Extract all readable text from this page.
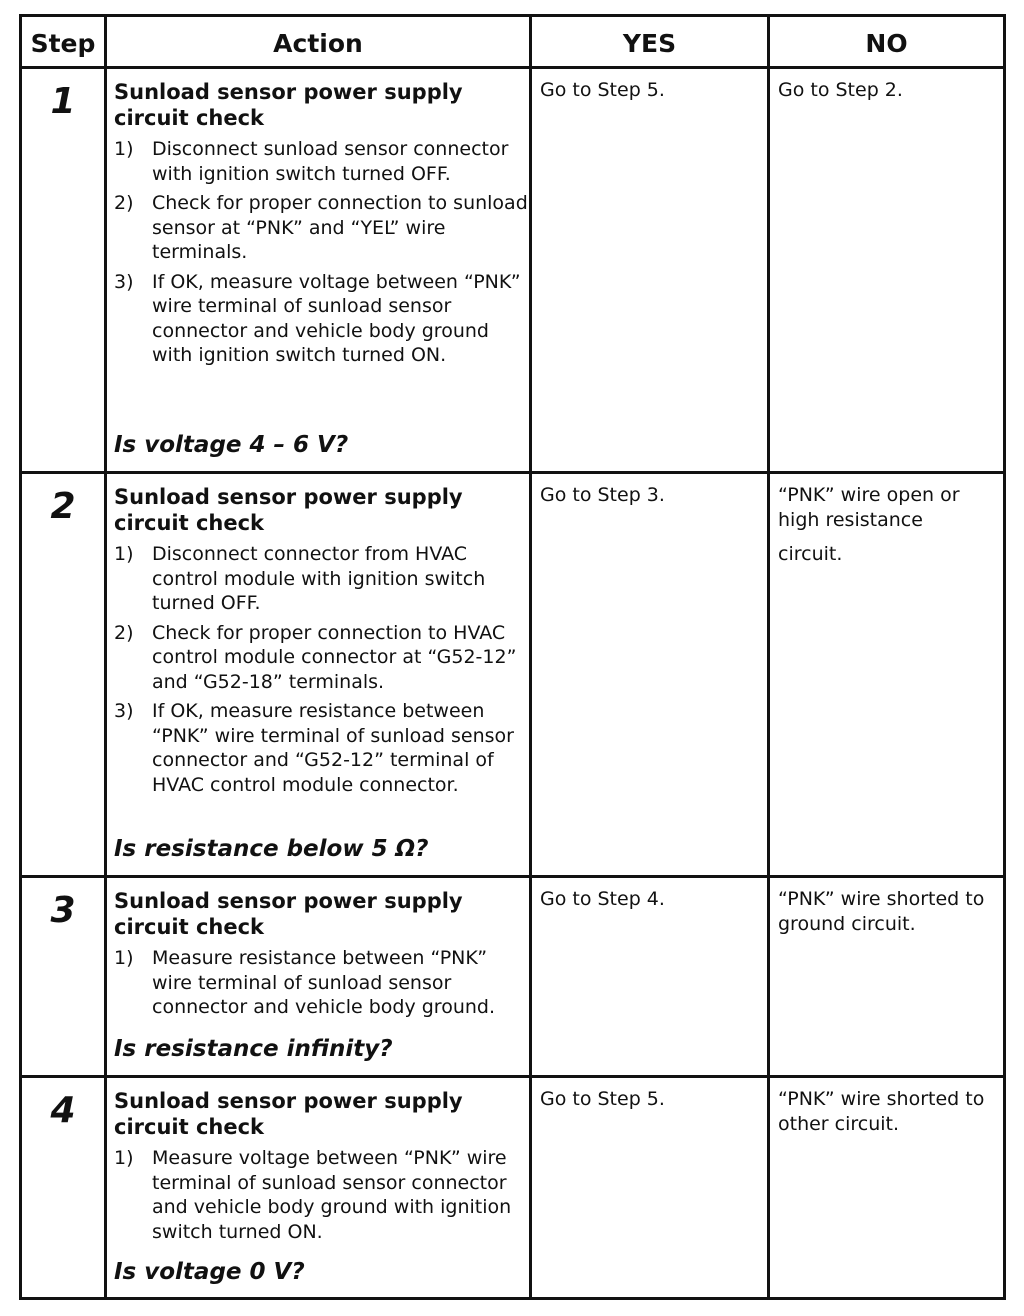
Step	Action	YES	NO
1	Sunload sensor power supply circuit check
1) Disconnect sunload sensor connector with ignition switch turned OFF.
2) Check for proper connection to sunload sensor at “PNK” and “YEL” wire terminals.
3) If OK, measure voltage between “PNK” wire terminal of sunload sensor connector and vehicle body ground with ignition switch turned ON.
Is voltage 4 – 6 V?
Go to Step 5.	Go to Step 2.
2	Sunload sensor power supply circuit check
1) Disconnect connector from HVAC control module with ignition switch turned OFF.
2) Check for proper connection to HVAC control module connector at “G52-12” and “G52-18” terminals.
3) If OK, measure resistance between “PNK” wire terminal of sunload sensor connector and “G52-12” terminal of HVAC control module connector.
Is resistance below 5 Ω?
Go to Step 3.	“PNK” wire open or high resistance
circuit.
3	Sunload sensor power supply circuit check
1) Measure resistance between “PNK” wire terminal of sunload sensor connector and vehicle body ground.
Is resistance infinity?
Go to Step 4.	“PNK” wire shorted to ground circuit.
4	Sunload sensor power supply circuit check
1) Measure voltage between “PNK” wire terminal of sunload sensor connector and vehicle body ground with ignition switch turned ON.
Is voltage 0 V?
Go to Step 5.	“PNK” wire shorted to other circuit.
